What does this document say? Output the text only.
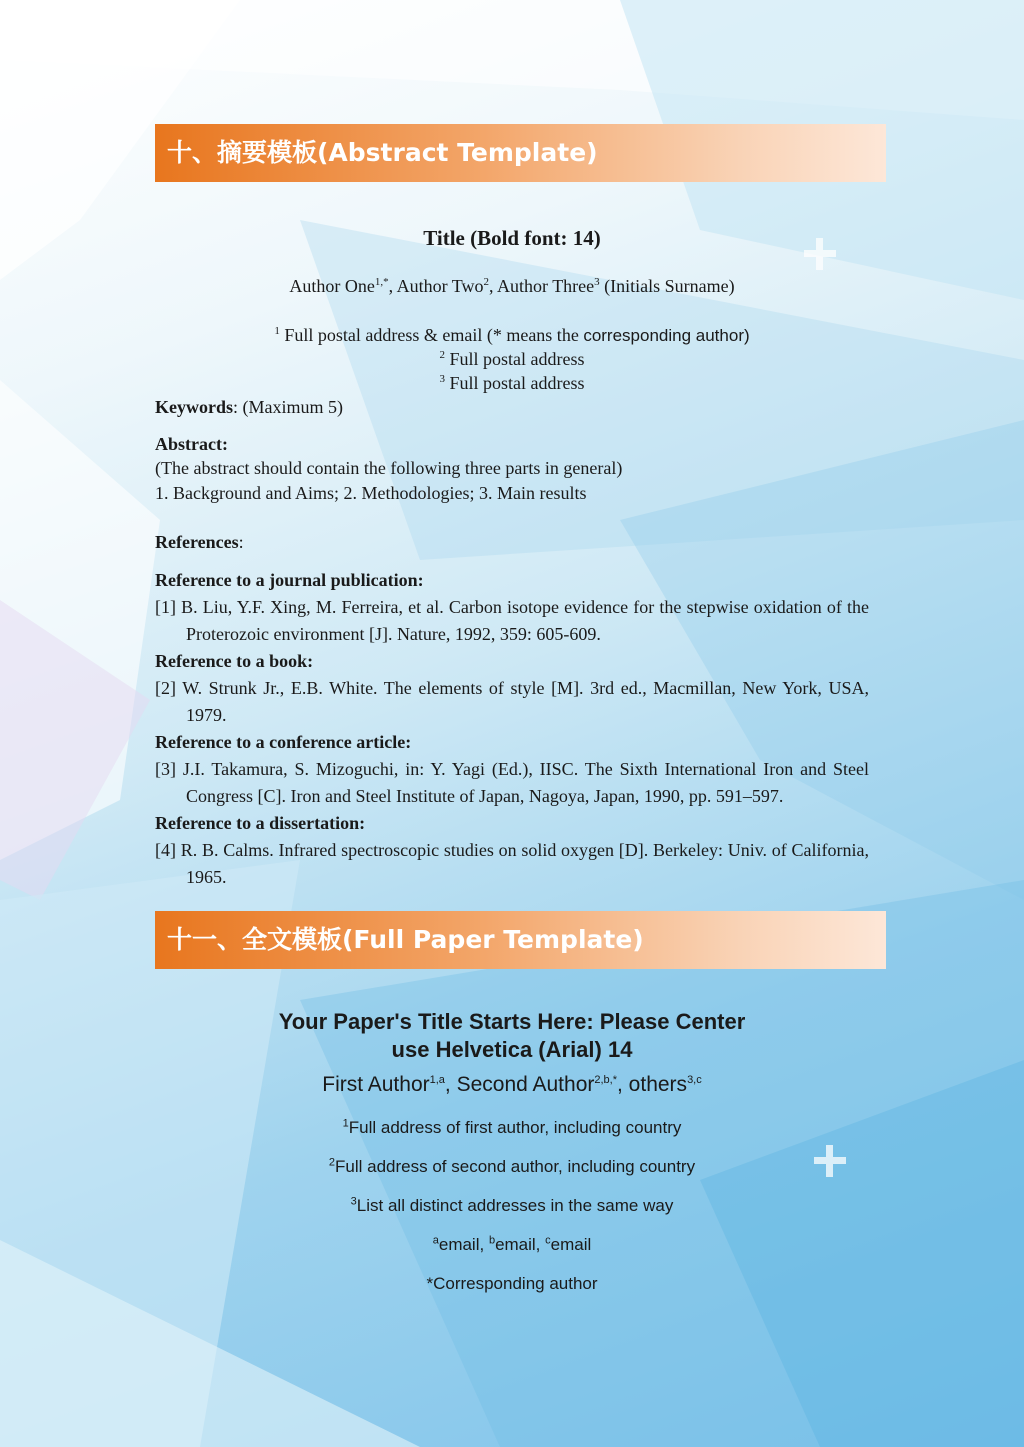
十、摘要模板(Abstract Template)
Title (Bold font: 14)
Author One$^{1,*}$, Author Two$^2$, Author Three$^3$ (Initials Surname)
$^1$ Full postal address & email (* means the corresponding author)
$^2$ Full postal address
$^3$ Full postal address
Keywords: (Maximum 5)
Abstract:
(The abstract should contain the following three parts in general)
1. Background and Aims; 2. Methodologies; 3. Main results
References:
Reference to a journal publication:
[1] B. Liu, Y.F. Xing, M. Ferreira, et al. Carbon isotope evidence for the stepwise oxidation of the Proterozoic environment [J]. Nature, 1992, 359: 605-609.
Reference to a book:
[2] W. Strunk Jr., E.B. White. The elements of style [M]. 3rd ed., Macmillan, New York, USA, 1979.
Reference to a conference article:
[3] J.I. Takamura, S. Mizoguchi, in: Y. Yagi (Ed.), IISC. The Sixth International Iron and Steel Congress [C]. Iron and Steel Institute of Japan, Nagoya, Japan, 1990, pp. 591–597.
Reference to a dissertation:
[4] R. B. Calms. Infrared spectroscopic studies on solid oxygen [D]. Berkeley: Univ. of California, 1965.
十一、全文模板(Full Paper Template)
Your Paper's Title Starts Here: Please Center
use Helvetica (Arial) 14
First Author$^{1,a}$, Second Author$^{2,b,*}$, others$^{3,c}$
$^1$Full address of first author, including country
$^2$Full address of second author, including country
$^3$List all distinct addresses in the same way
$^a$email, $^b$email, $^c$email
*Corresponding author
